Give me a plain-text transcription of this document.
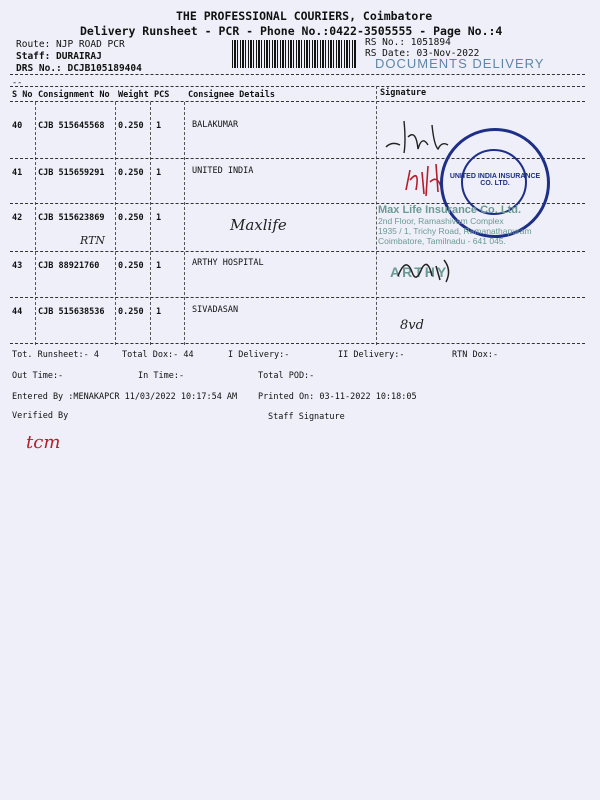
THE PROFESSIONAL COURIERS, Coimbatore
Delivery Runsheet - PCR - Phone No.:0422-3505555 - Page No.:4
Route: NJP ROAD PCR
Staff: DURAIRAJ
DRS No.: DCJB105189404
RS No.: 1051894
RS Date: 03-Nov-2022
DOCUMENTS DELIVERY
--
S No Consignment No Weight PCS Consignee Details	Signature
40 CJB 515645568 0.250 1	BALAKUMAR
41 CJB 515659291 0.250 1	UNITED INDIA
42 CJB 515623869 0.250 1	Maxlife
RTN
43 CJB 88921760 0.250 1	ARTHY HOSPITAL
44 CJB 515638536 0.250 1	SIVADASAN
UNITED INDIA INSURANCE CO. LTD.
Max Life Insurance Co. Ltd.
2nd Floor, Ramashivam Complex
1935 / 1, Trichy Road, Ramanathapuram
Coimbatore, Tamilnadu - 641 045.
ARTHY
8vd
Tot. Runsheet:- 4	Total Dox:- 44	I Delivery:-	II Delivery:-	RTN Dox:-
Out Time:-	In Time:-	Total POD:-
Entered By :MENAKAPCR 11/03/2022 10:17:54 AM Printed On: 03-11-2022 10:18:05
Verified By	Staff Signature
tcm
